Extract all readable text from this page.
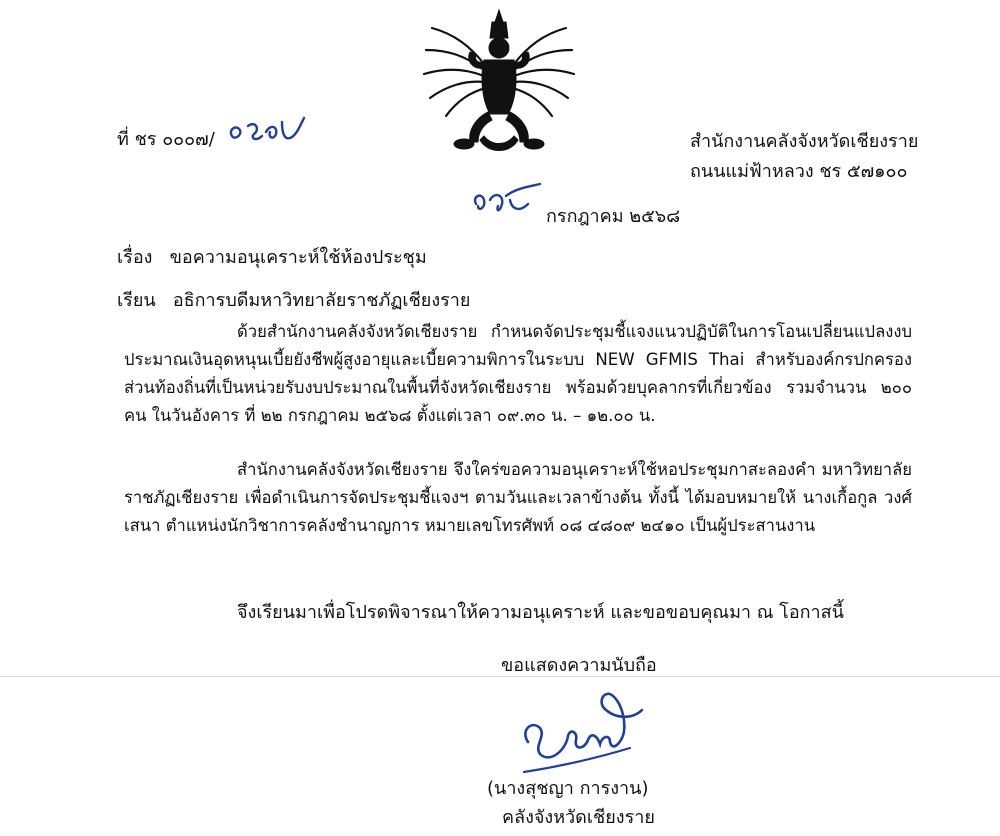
ที่ ชร ๐๐๐๗/	สำนักงานคลังจังหวัดเชียงราย
ถนนแม่ฟ้าหลวง ชร ๕๗๑๐๐
กรกฎาคม ๒๕๖๘
เรื่อง ขอความอนุเคราะห์ใช้ห้องประชุม
เรียน อธิการบดีมหาวิทยาลัยราชภัฏเชียงราย
ด้วยสำนักงานคลังจังหวัดเชียงราย กำหนดจัดประชุมชี้แจงแนวปฏิบัติในการโอนเปลี่ยนแปลงงบประมาณเงินอุดหนุนเบี้ยยังชีพผู้สูงอายุและเบี้ยความพิการในระบบ NEW GFMIS Thai สำหรับองค์กรปกครองส่วนท้องถิ่นที่เป็นหน่วยรับงบประมาณในพื้นที่จังหวัดเชียงราย พร้อมด้วยบุคลากรที่เกี่ยวข้อง รวมจำนวน ๒๐๐ คน ในวันอังคาร ที่ ๒๒ กรกฎาคม ๒๕๖๘ ตั้งแต่เวลา ๐๙.๓๐ น. – ๑๒.๐๐ น.
สำนักงานคลังจังหวัดเชียงราย จึงใคร่ขอความอนุเคราะห์ใช้หอประชุมกาสะลองคำ มหาวิทยาลัยราชภัฏเชียงราย เพื่อดำเนินการจัดประชุมชี้แจงฯ ตามวันและเวลาข้างต้น ทั้งนี้ ได้มอบหมายให้ นางเกื้อกูล วงศ์เสนา ตำแหน่งนักวิชาการคลังชำนาญการ หมายเลขโทรศัพท์ ๐๘ ๔๘๐๙ ๒๔๑๐ เป็นผู้ประสานงาน
จึงเรียนมาเพื่อโปรดพิจารณาให้ความอนุเคราะห์ และขอขอบคุณมา ณ โอกาสนี้
ขอแสดงความนับถือ
(นางสุชญา การงาน)
คลังจังหวัดเชียงราย
